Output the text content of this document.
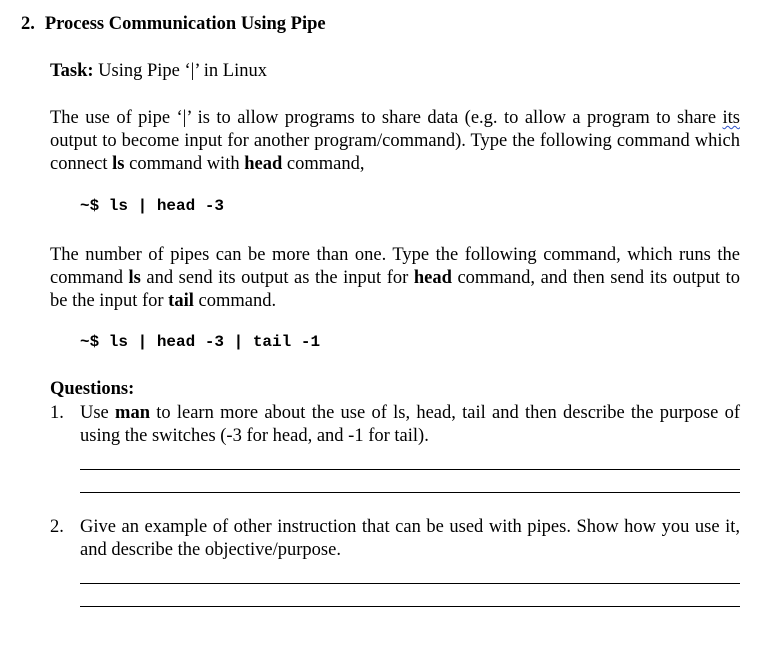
2. Process Communication Using Pipe
Task: Using Pipe ‘|’ in Linux
The use of pipe ‘|’ is to allow programs to share data (e.g. to allow a program to share its output to become input for another program/command). Type the following command which connect ls command with head command,
~$ ls | head -3
The number of pipes can be more than one. Type the following command, which runs the command ls and send its output as the input for head command, and then send its output to be the input for tail command.
~$ ls | head -3 | tail -1
Questions:
1. Use man to learn more about the use of ls, head, tail and then describe the purpose of using the switches (-3 for head, and -1 for tail).
2. Give an example of other instruction that can be used with pipes. Show how you use it, and describe the objective/purpose.
